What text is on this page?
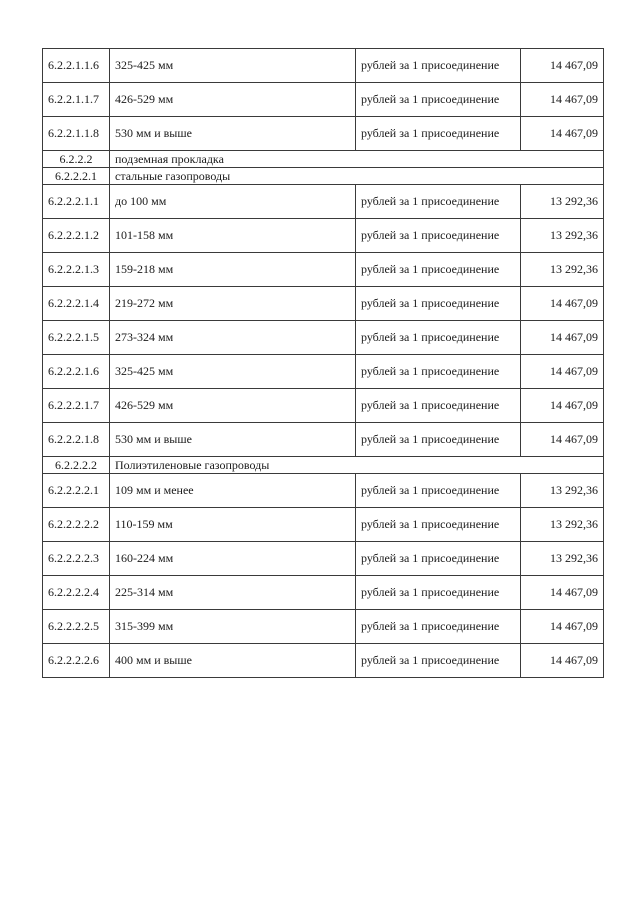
6.2.2.1.1.6	325-425 мм	рублей за 1 присоединение	14 467,09
6.2.2.1.1.7	426-529 мм	рублей за 1 присоединение	14 467,09
6.2.2.1.1.8	530 мм и выше	рублей за 1 присоединение	14 467,09
6.2.2.2	подземная прокладка		
6.2.2.2.1	стальные газопроводы		
6.2.2.2.1.1	до 100 мм	рублей за 1 присоединение	13 292,36
6.2.2.2.1.2	101-158 мм	рублей за 1 присоединение	13 292,36
6.2.2.2.1.3	159-218 мм	рублей за 1 присоединение	13 292,36
6.2.2.2.1.4	219-272 мм	рублей за 1 присоединение	14 467,09
6.2.2.2.1.5	273-324 мм	рублей за 1 присоединение	14 467,09
6.2.2.2.1.6	325-425 мм	рублей за 1 присоединение	14 467,09
6.2.2.2.1.7	426-529 мм	рублей за 1 присоединение	14 467,09
6.2.2.2.1.8	530 мм и выше	рублей за 1 присоединение	14 467,09
6.2.2.2.2	Полиэтиленовые газопроводы		
6.2.2.2.2.1	109 мм и менее	рублей за 1 присоединение	13 292,36
6.2.2.2.2.2	110-159 мм	рублей за 1 присоединение	13 292,36
6.2.2.2.2.3	160-224 мм	рублей за 1 присоединение	13 292,36
6.2.2.2.2.4	225-314 мм	рублей за 1 присоединение	14 467,09
6.2.2.2.2.5	315-399 мм	рублей за 1 присоединение	14 467,09
6.2.2.2.2.6	400 мм и выше	рублей за 1 присоединение	14 467,09
